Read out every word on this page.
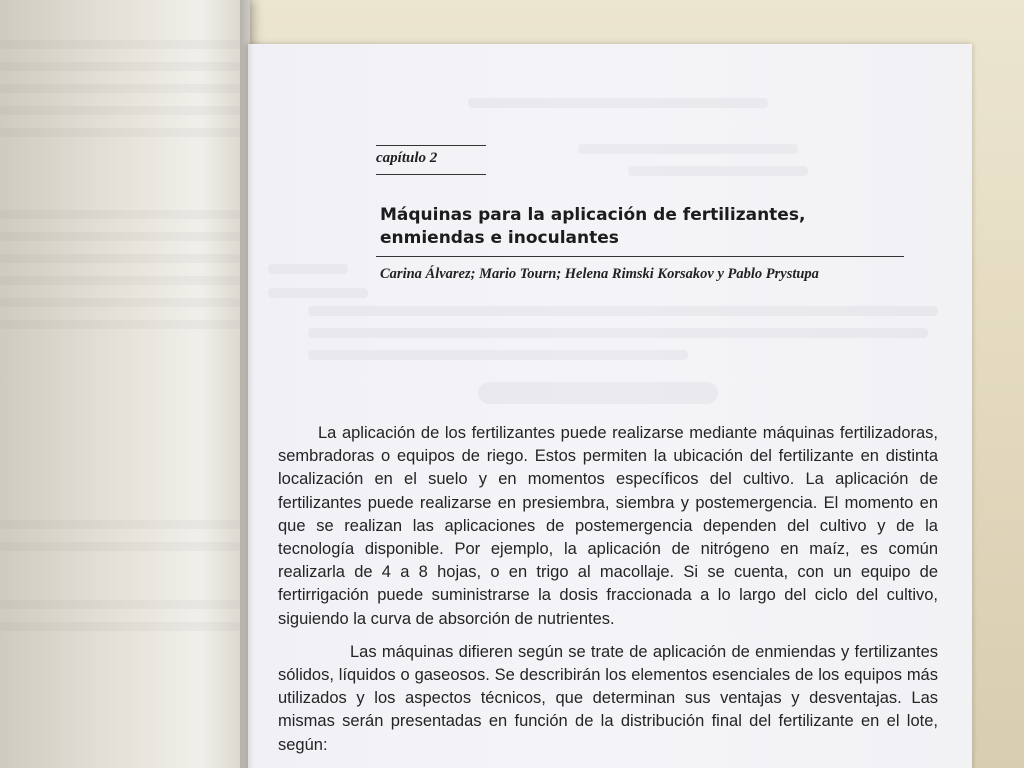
capítulo 2
Máquinas para la aplicación de fertilizantes, enmiendas e inoculantes
Carina Álvarez; Mario Tourn; Helena Rimski Korsakov y Pablo Prystupa

La aplicación de los fertilizantes puede realizarse mediante máquinas fertilizadoras, sembradoras o equipos de riego. Estos permiten la ubicación del fertilizante en distinta localización en el suelo y en momentos específicos del cultivo. La aplicación de fertilizantes puede realizarse en presiembra, siembra y postemergencia. El momento en que se realizan las aplicaciones de postemergencia dependen del cultivo y de la tecnología disponible. Por ejemplo, la aplicación de nitrógeno en maíz, es común realizarla de 4 a 8 hojas, o en trigo al macollaje. Si se cuenta, con un equipo de fertirrigación puede suministrarse la dosis fraccionada a lo largo del ciclo del cultivo, siguiendo la curva de absorción de nutrientes.

Las máquinas difieren según se trate de aplicación de enmiendas y fertilizantes sólidos, líquidos o gaseosos. Se describirán los elementos esenciales de los equipos más utilizados y los aspectos técnicos, que determinan sus ventajas y desventajas. Las mismas serán presentadas en función de la distribución final del fertilizante en el lote, según:
